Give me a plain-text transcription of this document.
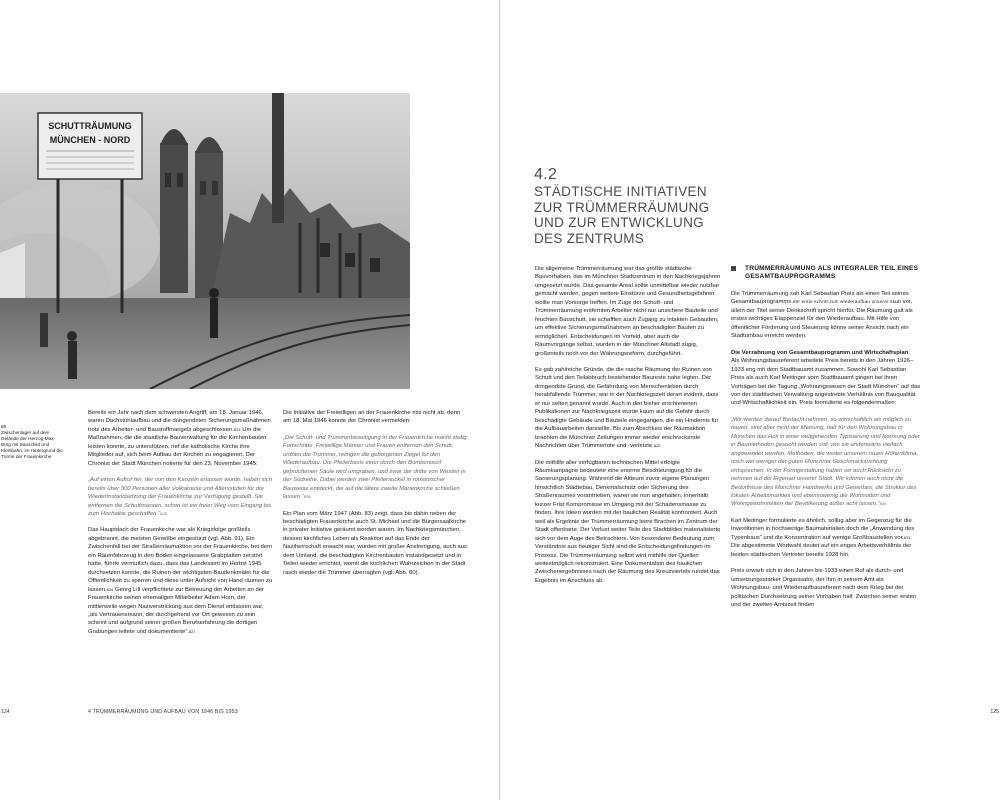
SCHUTTRÄUMUNG
MÜNCHEN - NORD
80
Zwischenlager auf dem Gelände der Herzog-Max-Burg mit Bauschild und Kleinbahn, im Hintergrund die Türme der Frauenkirche

Bereits ein Jahr nach dem schwersten Angriff, am 18. Januar 1946, waren Dachstuhlaufbau und die dringendsten Sicherungsmaßnahmen trotz des Arbeiter- und Baustoffmangels abgeschlossen.$^{824}$ Um die Maßnahmen, die die staatliche Bauverwaltung für die Kirchenbauten leisten konnte, zu unterstützen, rief die katholische Kirche ihre Mitglieder auf, sich beim Aufbau der Kirchen zu engagieren. Der Chronist der Stadt München notierte für den 23. November 1945:

„Auf einen Aufruf hin, der von den Kanzeln erlassen wurde, haben sich bereits über 300 Personen aller Volkskreise und Altersstufen für die Wiederinstandsetzung der Frauenkirche zur Verfügung gestellt. Sie entfernen die Schuttmassen, schon ist ein freier Weg vom Eingang bis zum Hochaltar geschaffen.“$^{825}$

Das Hauptdach der Frauenkirche war als Kriegsfolge großteils abgebrannt, die meisten Gewölbe eingestürzt (vgl. Abb. 91). Ein Zwischenfall bei der Straßenräumaktion vor der Frauenkirche, bei dem ein Räumfahrzeug in den Boden eingelassene Grabplatten zerstört hatte, führte vermutlich dazu, dass das Landesamt im Herbst 1945 durchsetzen konnte, die Ruinen der wichtigsten Baudenkmäler für die Öffentlichkeit zu sperren und diese unter Aufsicht von Hand räumen zu lassen.$^{826}$ Georg Lill verpflichtete zur Betreuung der Arbeiten an der Frauenkirche seinen ehemaligen Mitarbeiter Adam Horn, der mittlerweile wegen Naziverstrickung aus dem Dienst entlassen war, „als Vertrauensmann, der durchgehend vor Ort gewesen zu sein scheint und aufgrund seiner großen Berufserfahrung die dortigen Grabungen leitete und dokumentierte“.$^{827}$

Die Initiative der Freiwilligen an der Frauenkirche riss nicht ab, denn am 18. Mai 1946 konnte der Chronist vermelden:

„Die Schutt- und Trümmerbeseitigung in der Frauenkirche macht stetig Fortschritte. Freiwillige Männer und Frauen entfernen den Schutt, ordnen die Trümmer, reinigen die geborgenen Ziegel für den Wiederaufbau. Die Pfeilerbasis einer durch den Bombenwurf gebrochenen Säule wird umgraben, und zwar der dritte von Westen in der Südreihe. Dabei werden zwei Pfeilersockel in romanischer Bauweise entdeckt, die auf die ältere zweite Marienkirche schließen lassen.“$^{828}$

Ein Plan vom März 1947 (Abb. 83) zeigt, dass bis dahin neben der beschädigten Frauenkirche auch St. Michael und die Bürgersaalkirche in privater Initiative geräumt worden waren. Im Nachkriegsmünchen, dessen kirchliches Leben als Reaktion auf das Ende der Naziherrschaft erwacht war, wurden mit großer Anstrengung, auch aus dem Umland, die beschädigten Kirchenbauten instandgesetzt und in Teilen wieder errichtet, womit die kirchlichen Wahrzeichen in der Stadt rasch wieder die Trümmer überragten (vgl. Abb. 80).

124	4 TRÜMMERRÄUMUNG UND AUFBAU VON 1946 BIS 1953
4.2
STÄDTISCHE INITIATIVEN ZUR TRÜMMERRÄUMUNG UND ZUR ENTWICKLUNG DES ZENTRUMS

Die allgemeine Trümmerräumung war das größte städtische Bauvorhaben, das im Münchner Stadtzentrum in den Nachkriegsjahren umgesetzt wurde. Das gesamte Areal sollte unmittelbar wieder nutzbar gemacht werden, gegen weitere Einstürze und Gesundheitsgefahren wollte man Vorsorge treffen. Im Zuge der Schutt- und Trümmerräumung entfernten Arbeiter nicht nur unsichere Bauteile und feuchten Bauschutt, sie schafften auch Zugang zu intakten Gebäuden, um effektive Sicherungsmaßnahmen an beschädigten Bauten zu ermöglichen. Entscheidungen im Vorfeld, aber auch die Räumvorgänge selbst, wurden in der Münchner Altstadt zügig, großenteils noch vor der Währungsreform, durchgeführt.

Es gab zahlreiche Gründe, die die rasche Räumung der Ruinen von Schutt und den Teilabbruch bestehender Baureste nahe legten. Der dringendste Grund, die Gefährdung von Menschenleben durch herabfallende Trümmer, war in der Nachkriegszeit derart evident, dass er nur selten genannt wurde. Auch in den bisher erschienenen Publikationen zur Nachkriegszeit wurde kaum auf die Gefahr durch beschädigte Gebäude und Bauteile eingegangen, die ein Hindernis für die Aufbauarbeiten darstellte. Bis zum Abschluss der Räumaktion brachten die Münchner Zeitungen immer wieder erschreckende Nachrichten über Trümmertote und -verletzte.$^{829}$

Die mithilfe aller verfügbaren technischen Mittel erfolgte Räumkampagne bedeutete eine enorme Beschleunigung für die Sanierungsplanung. Während die Akteure zuvor eigene Planungen hinsichtlich Städtebau, Denkmalschutz oder Sicherung des Straßenraumes vorantrieben, waren sie nun angehalten, innerhalb kurzer Frist Kompromisse im Umgang mit der Schadensmasse zu finden. Ihre Ideen wurden mit der baulichen Realität konfrontiert. Auch weil als Ergebnis der Trümmerräumung leere Brachen im Zentrum der Stadt offenbarte. Der Verlust weiter Teile des Stadtbildes materialisierte sich vor dem Auge des Betrachters. Von besonderer Bedeutung zum Verständnis aus heutiger Sicht sind die Entscheidungsfindungen im Prozess. Die Trümmerräumung selbst wird mithilfe der Quellen weitestmöglich rekonstruiert. Eine Dokumentation des baulichen Zwischenergebnisses nach der Räumung des Kreuzviertels rundet das Ergebnis im Anschluss ab.

TRÜMMERRÄUMUNG ALS INTEGRALER TEIL EINES GESAMTBAUPROGRAMMS

Die Trümmerräumung sah Karl Sebastian Preis als einen Teil seines Gesamtbauprogramms der erste schritt zum wiederaufbau unserer stadt vor, allein der Titel seiner Denkschrift spricht hierfür. Die Räumung galt als erstes wichtiges Etappenziel für den Wiederaufbau. Mit Hilfe von öffentlicher Förderung und Steuerung könne seiner Ansicht nach ein Stadtumbau erreicht werden.

Die Verzahnung von Gesamtbauprogramm und Wirtschaftsplan

Als Wohnungsbaureferent arbeitete Preis bereits in den Jahren 1926–1933 eng mit dem Stadtbauamt zusammen. Sowohl Karl Sebastian Preis als auch Karl Meitinger vom Stadtbauamt gingen bei ihren Vorträgen bei der Tagung „Wohnungswesen der Stadt München“ auf das von der städtischen Verwaltung angestrebte Verhältnis von Bauqualität und Wirtschaftlichkeit ein. Preis formulierte es folgendermaßen:

„Wir werden darauf Bedacht nehmen, so wirtschaftlich als möglich zu bauen, sind aber nicht der Meinung, daß für den Wohnungsbau in München das Heil in einer weitgehenden Typisierung und Normung oder in Baumethoden gesucht werden soll, wie sie andenwärts vielfach angewendet werden; Methoden, die weder unserem rauen Höhenklima, noch viel weniger der guten Münchner Geschmacksrichtung entsprechen. In der Formgestaltung haben wir auch Rücksicht zu nehmen auf die Eigenart unserer Stadt. Wir können auch nicht die Bedürfnisse des Münchner Handwerks und Gewerbes, die Struktur des lokalen Arbeitsmarktes und ebensowenig die Wohnsitten und Wohngewohnheiten der Bevölkerung außer acht lassen.“$^{830}$

Karl Meitinger formulierte es ähnlich, sollug aber im Gegenzug für die Investitionen in hochwertige Baumaterialien doch die „Anwendung des Typenbaus“ und die Konzentration auf wenige Großbaustellen vor.$^{831}$ Die abgestimmte Wortwahl deutet auf ein enges Arbeitsverhältnis der beiden städtischen Vertreter bereits 1928 hin.

Preis erwarb sich in den Jahren bis 1933 einen Ruf als durch- und umsetzungsstarker Organisator, der ihm in seinem Amt als Wohnungsbau- und Wiederaufbaureferent nach dem Krieg bei der politischen Durchsetzung seiner Vorhaben half. Zwischen seiner ersten und der zweiten Amtszeit finden

125
